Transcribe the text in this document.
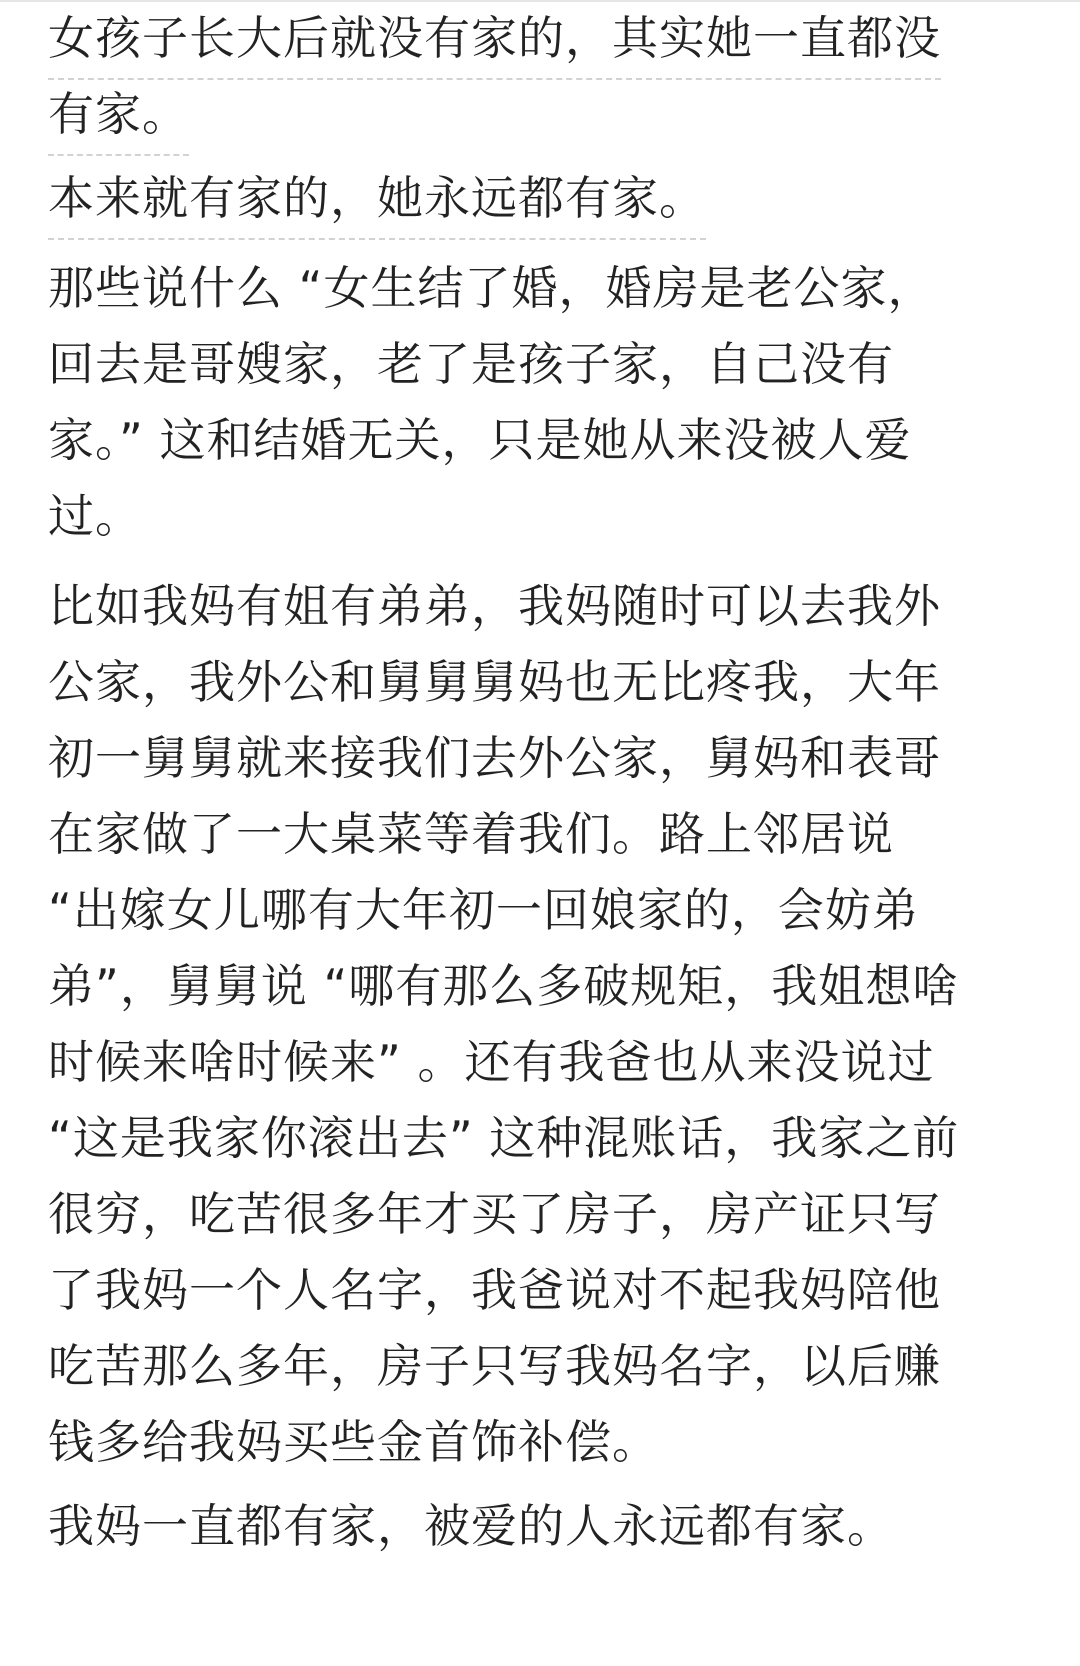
女孩子长大后就没有家的，其实她一直都没
有家。

本来就有家的，她永远都有家。

那些说什么 “女生结了婚，婚房是老公家，
回去是哥嫂家，老了是孩子家，自己没有
家。” 这和结婚无关，只是她从来没被人爱
过。

比如我妈有姐有弟弟，我妈随时可以去我外
公家，我外公和舅舅舅妈也无比疼我，大年
初一舅舅就来接我们去外公家，舅妈和表哥
在家做了一大桌菜等着我们。路上邻居说
“出嫁女儿哪有大年初一回娘家的，会妨弟
弟”，舅舅说 “哪有那么多破规矩，我姐想啥
时候来啥时候来” 。还有我爸也从来没说过
“这是我家你滚出去” 这种混账话，我家之前
很穷，吃苦很多年才买了房子，房产证只写
了我妈一个人名字，我爸说对不起我妈陪他
吃苦那么多年，房子只写我妈名字，以后赚
钱多给我妈买些金首饰补偿。

我妈一直都有家，被爱的人永远都有家。
